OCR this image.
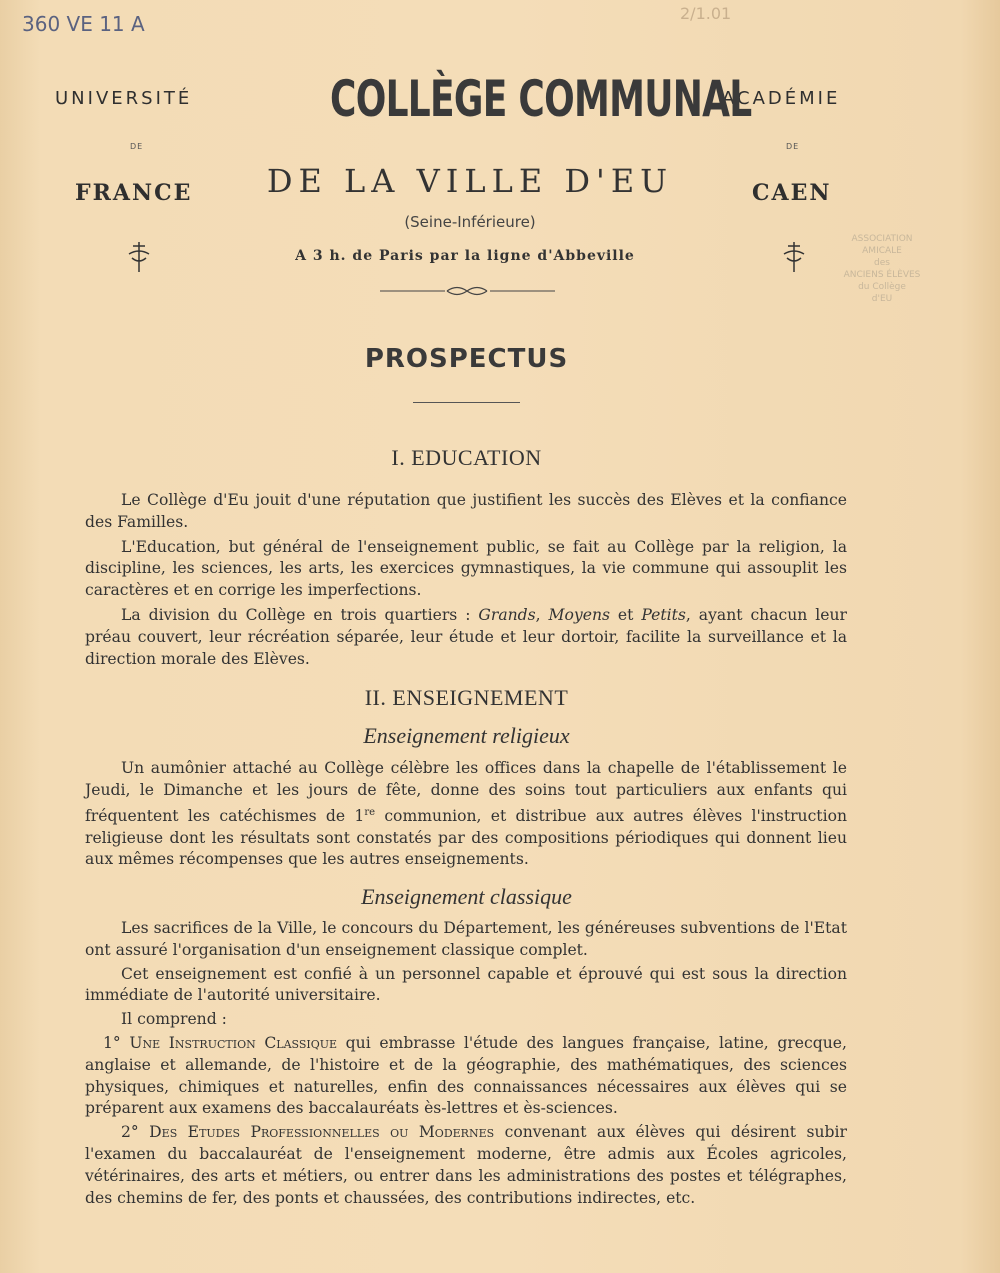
360 VE 11 A	2/1.01
UNIVERSITÉ
DE
FRANCE
ACADÉMIE
DE
CAEN
COLLÈGE COMMUNAL
DE LA VILLE D'EU
(Seine-Inférieure)
A 3 h. de Paris par la ligne d'Abbeville
ASSOCIATION
AMICALE
des
ANCIENS ÉLÈVES
du Collège
d'EU
PROSPECTUS
I. EDUCATION

Le Collège d'Eu jouit d'une réputation que justifient les succès des Elèves et la confiance des Familles.

L'Education, but général de l'enseignement public, se fait au Collège par la religion, la discipline, les sciences, les arts, les exercices gymnastiques, la vie commune qui assouplit les caractères et en corrige les imperfections.

La division du Collège en trois quartiers : Grands, Moyens et Petits, ayant chacun leur préau couvert, leur récréation séparée, leur étude et leur dortoir, facilite la surveillance et la direction morale des Elèves.

II. ENSEIGNEMENT
Enseignement religieux

Un aumônier attaché au Collège célèbre les offices dans la chapelle de l'établissement le Jeudi, le Dimanche et les jours de fête, donne des soins tout particuliers aux enfants qui fréquentent les catéchismes de 1re communion, et distribue aux autres élèves l'instruction religieuse dont les résultats sont constatés par des compositions périodiques qui donnent lieu aux mêmes récompenses que les autres enseignements.

Enseignement classique

Les sacrifices de la Ville, le concours du Département, les généreuses subventions de l'Etat ont assuré l'organisation d'un enseignement classique complet.

Cet enseignement est confié à un personnel capable et éprouvé qui est sous la direction immédiate de l'autorité universitaire.

Il comprend :

1° Une Instruction Classique qui embrasse l'étude des langues française, latine, grecque, anglaise et allemande, de l'histoire et de la géographie, des mathématiques, des sciences physiques, chimiques et naturelles, enfin des connaissances nécessaires aux élèves qui se préparent aux examens des baccalauréats ès-lettres et ès-sciences.

2° Des Etudes Professionnelles ou Modernes convenant aux élèves qui désirent subir l'examen du baccalauréat de l'enseignement moderne, être admis aux Écoles agricoles, vétérinaires, des arts et métiers, ou entrer dans les administrations des postes et télégraphes, des chemins de fer, des ponts et chaussées, des contributions indirectes, etc.
